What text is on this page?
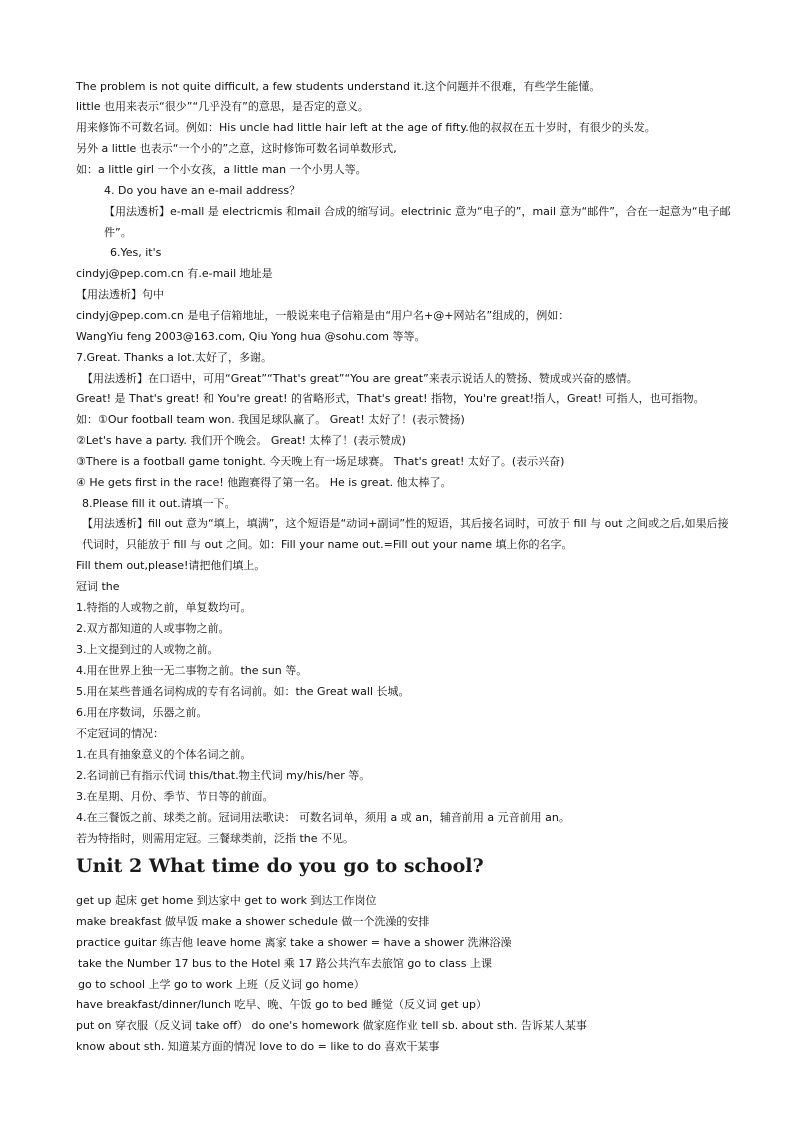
The problem is not quite difficult, a few students understand it.这个问题并不很难，有些学生能懂。
little 也用来表示“很少”“几乎没有”的意思，是否定的意义。
用来修饰不可数名词。例如：His uncle had little hair left at the age of fifty.他的叔叔在五十岁时，有很少的头发。
另外 a little 也表示“一个小的”之意，这时修饰可数名词单数形式,
如：a little girl 一个小女孩，a little man 一个小男人等。
4. Do you have an e-mail address？
【用法透析】e-mall 是 electricmis 和mail 合成的缩写词。electrinic 意为“电子的”，mail 意为“邮件”，合在一起意为“电子邮件”。
6.Yes, it's
cindyj@pep.com.cn 有.e-mail 地址是
【用法透析】句中
cindyj@pep.com.cn 是电子信箱地址，一般说来电子信箱是由“用户名+@+网站名”组成的，例如：
WangYiu feng 2003@163.com, Qiu Yong hua @sohu.com 等等。
7.Great. Thanks a lot.太好了，多谢。
【用法透析】在口语中，可用“Great”“That's great”“You are great”来表示说话人的赞扬、赞成或兴奋的感情。
Great! 是 That's great! 和 You're great! 的省略形式，That's great! 指物，You're great!指人，Great! 可指人，也可指物。
如：①Our football team won. 我国足球队赢了。 Great! 太好了！(表示赞扬)
②Let's have a party. 我们开个晚会。 Great! 太棒了！(表示赞成)
③There is a football game tonight. 今天晚上有一场足球赛。 That's great! 太好了。(表示兴奋)
④ He gets first in the race! 他跑赛得了第一名。 He is great. 他太棒了。
8.Please fill it out.请填一下。
【用法透析】fill out 意为“填上，填满”，这个短语是“动词+副词”性的短语，其后接名词时，可放于 fill 与 out 之间或之后,如果后接代词时，只能放于 fill 与 out 之间。如：Fill your name out.=Fill out your name 填上你的名字。
Fill them out,please!请把他们填上。
冠词 the
1.特指的人或物之前，单复数均可。
2.双方都知道的人或事物之前。
3.上文提到过的人或物之前。
4.用在世界上独一无二事物之前。the sun 等。
5.用在某些普通名词构成的专有名词前。如：the Great wall 长城。
6.用在序数词，乐器之前。
不定冠词的情况：
1.在具有抽象意义的个体名词之前。
2.名词前已有指示代词 this/that.物主代词 my/his/her 等。
3.在星期、月份、季节、节日等的前面。
4.在三餐饭之前、球类之前。冠词用法歌诀： 可数名词单，须用 a 或 an，辅音前用 a 元音前用 an。
若为特指时，则需用定冠。三餐球类前，泛指 the 不见。
Unit 2 What time do you go to school?
get up 起床 get home 到达家中 get to work 到达工作岗位
make breakfast 做早饭 make a shower schedule 做一个洗澡的安排
practice guitar 练吉他 leave home 离家 take a shower = have a shower 洗淋浴澡
take the Number 17 bus to the Hotel 乘 17 路公共汽车去旅馆 go to class 上课
go to school 上学 go to work 上班（反义词 go home）
have breakfast/dinner/lunch 吃早、晚、午饭 go to bed 睡觉（反义词 get up）
put on 穿衣服（反义词 take off） do one's homework 做家庭作业 tell sb. about sth. 告诉某人某事
know about sth. 知道某方面的情况 love to do = like to do 喜欢干某事
